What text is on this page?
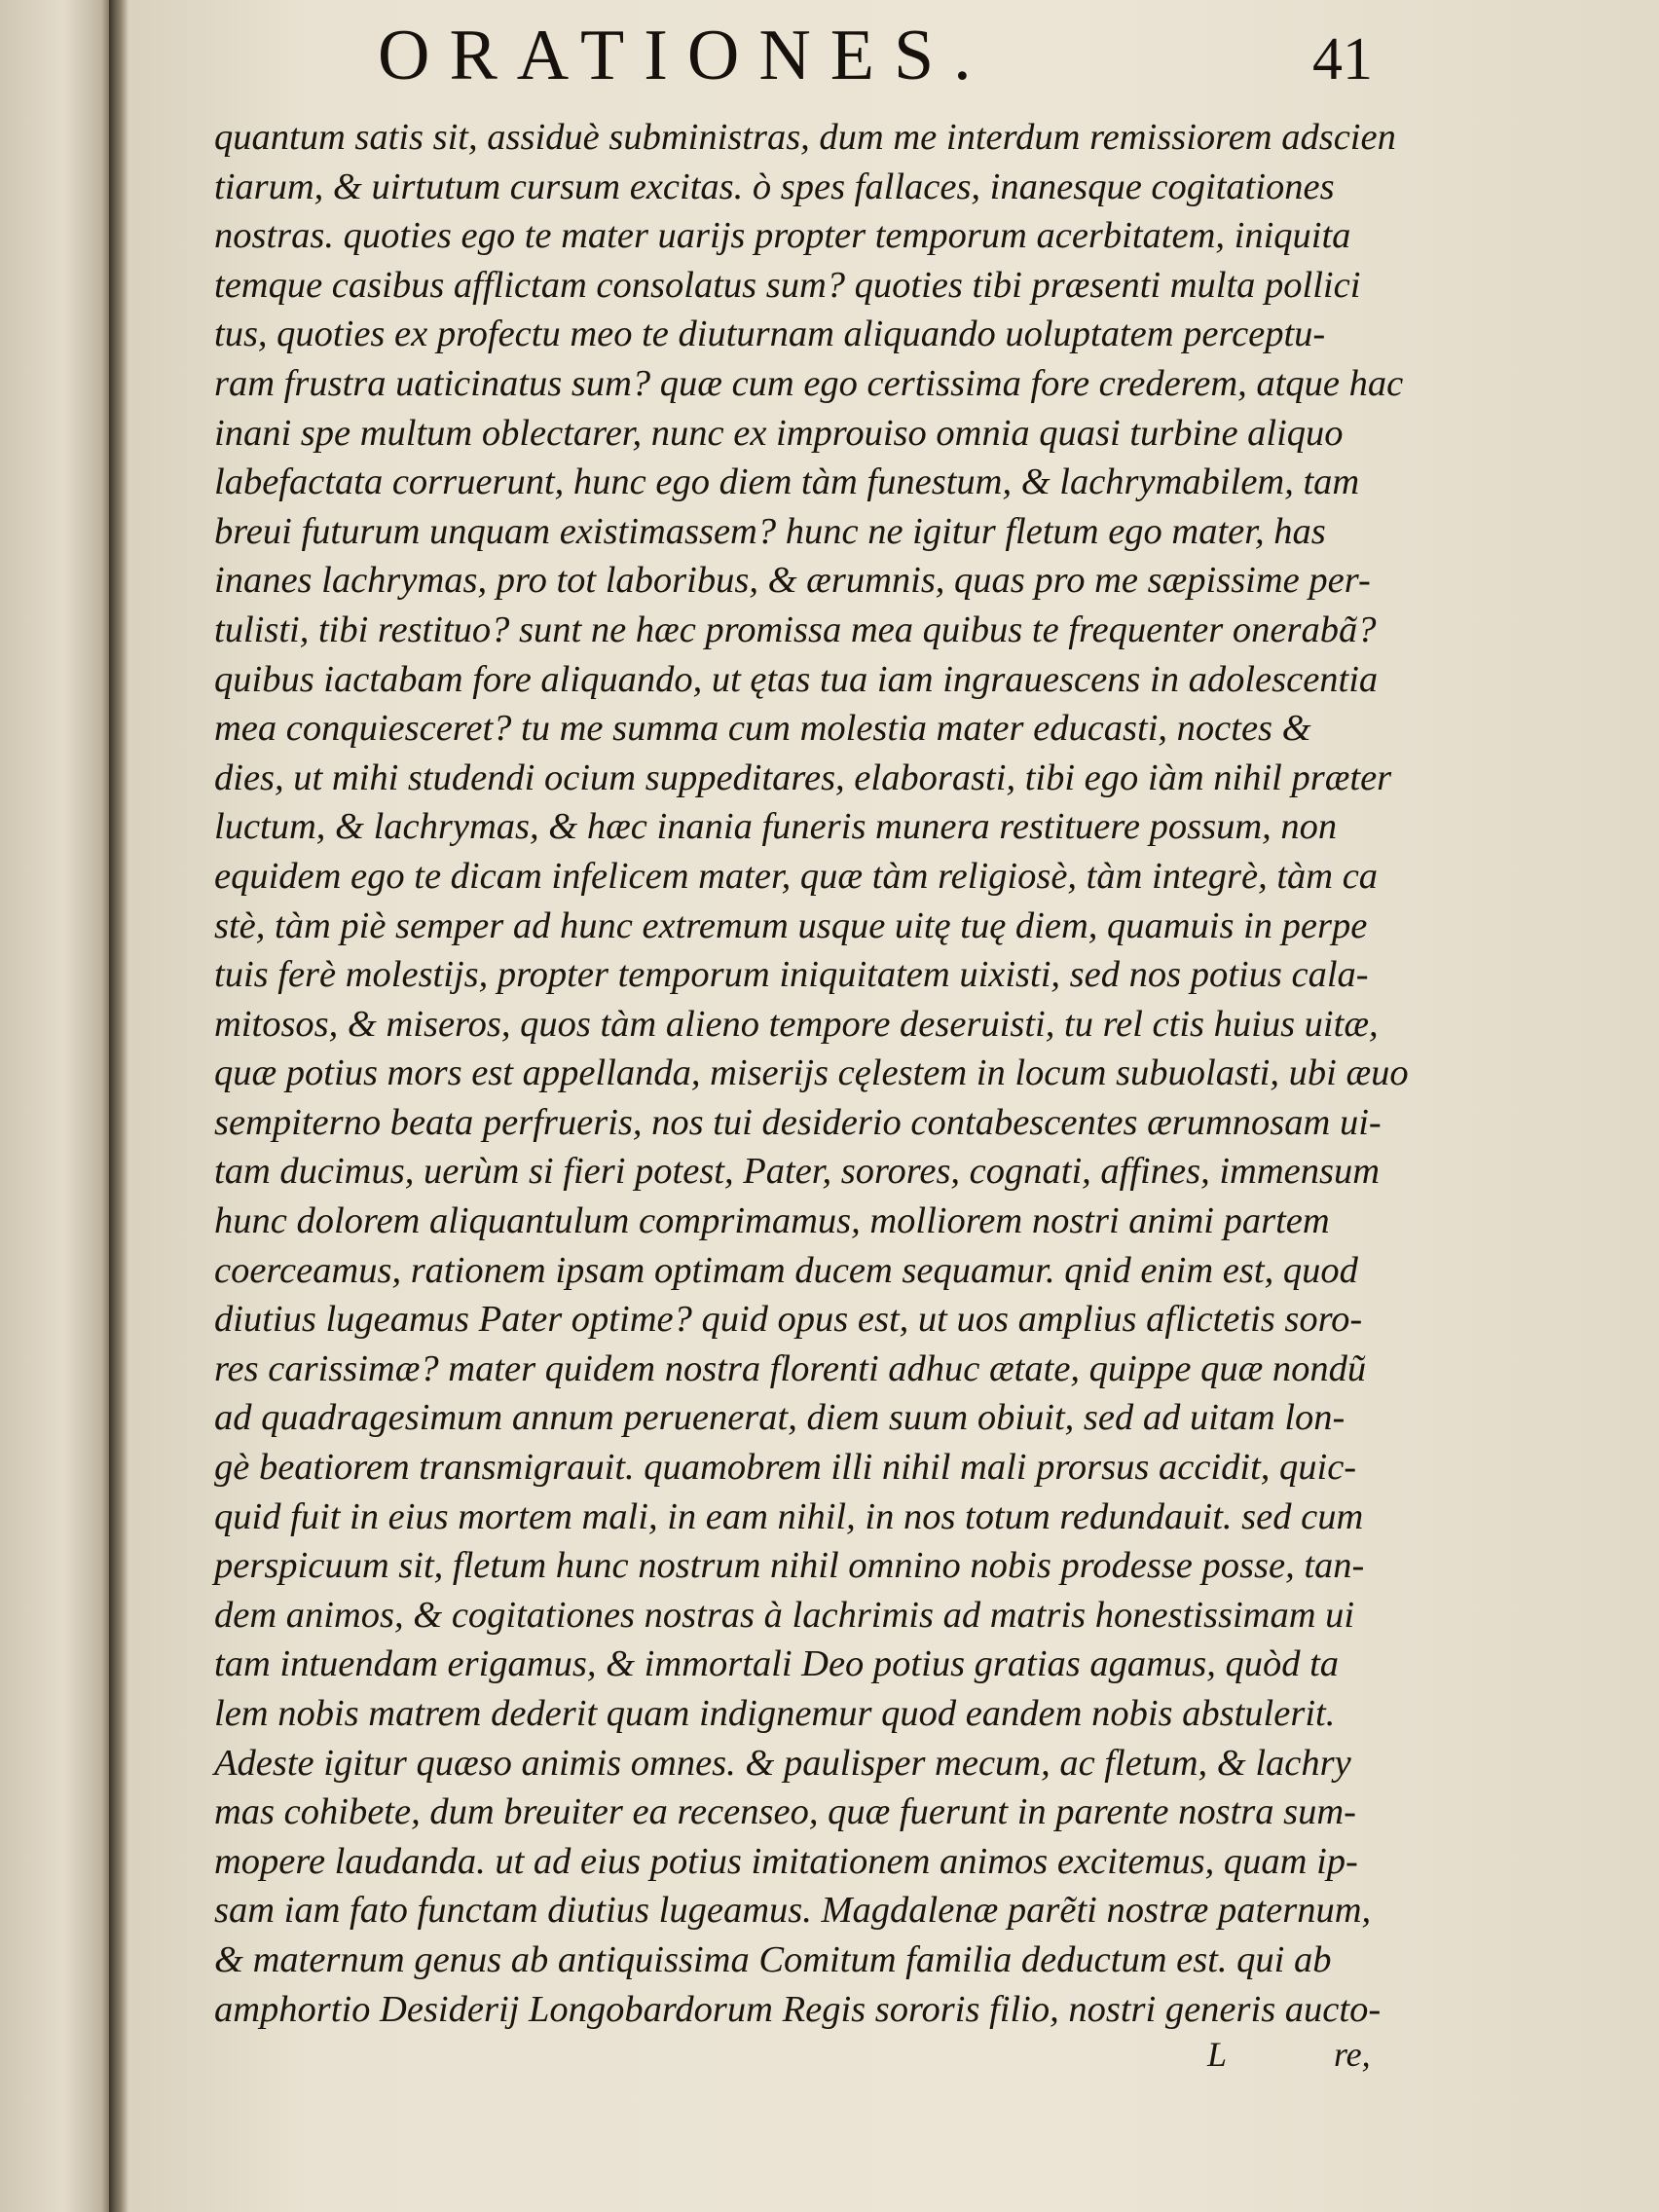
ORATIONES.	41
quantum satis sit, assiduè subministras, dum me interdum remissiorem adscien
tiarum, & uirtutum cursum excitas. ò spes fallaces, inanesque cogitationes
nostras. quoties ego te mater uarijs propter temporum acerbitatem, iniquita
temque casibus afflictam consolatus sum? quoties tibi præsenti multa pollici
tus, quoties ex profectu meo te diuturnam aliquando uoluptatem perceptu-
ram frustra uaticinatus sum? quæ cum ego certissima fore crederem, atque hac
inani spe multum oblectarer, nunc ex improuiso omnia quasi turbine aliquo
labefactata corruerunt, hunc ego diem tàm funestum, & lachrymabilem, tam
breui futurum unquam existimassem? hunc ne igitur fletum ego mater, has
inanes lachrymas, pro tot laboribus, & ærumnis, quas pro me sæpissime per-
tulisti, tibi restituo? sunt ne hæc promissa mea quibus te frequenter onerabã?
quibus iactabam fore aliquando, ut ętas tua iam ingrauescens in adolescentia
mea conquiesceret? tu me summa cum molestia mater educasti, noctes &
dies, ut mihi studendi ocium suppeditares, elaborasti, tibi ego iàm nihil præter
luctum, & lachrymas, & hæc inania funeris munera restituere possum, non
equidem ego te dicam infelicem mater, quæ tàm religiosè, tàm integrè, tàm ca
stè, tàm piè semper ad hunc extremum usque uitę tuę diem, quamuis in perpe
tuis ferè molestijs, propter temporum iniquitatem uixisti, sed nos potius cala-
mitosos, & miseros, quos tàm alieno tempore deseruisti, tu rel ctis huius uitæ,
quæ potius mors est appellanda, miserijs cęlestem in locum subuolasti, ubi æuo
sempiterno beata perfrueris, nos tui desiderio contabescentes ærumnosam ui-
tam ducimus, uerùm si fieri potest, Pater, sorores, cognati, affines, immensum
hunc dolorem aliquantulum comprimamus, molliorem nostri animi partem
coerceamus, rationem ipsam optimam ducem sequamur. qnid enim est, quod
diutius lugeamus Pater optime? quid opus est, ut uos amplius aflictetis soro-
res carissimæ? mater quidem nostra florenti adhuc ætate, quippe quæ nondũ
ad quadragesimum annum peruenerat, diem suum obiuit, sed ad uitam lon-
gè beatiorem transmigrauit. quamobrem illi nihil mali prorsus accidit, quic-
quid fuit in eius mortem mali, in eam nihil, in nos totum redundauit. sed cum
perspicuum sit, fletum hunc nostrum nihil omnino nobis prodesse posse, tan-
dem animos, & cogitationes nostras à lachrimis ad matris honestissimam ui
tam intuendam erigamus, & immortali Deo potius gratias agamus, quòd ta
lem nobis matrem dederit quam indignemur quod eandem nobis abstulerit.
Adeste igitur quæso animis omnes. & paulisper mecum, ac fletum, & lachry
mas cohibete, dum breuiter ea recenseo, quæ fuerunt in parente nostra sum-
mopere laudanda. ut ad eius potius imitationem animos excitemus, quam ip-
sam iam fato functam diutius lugeamus. Magdalenæ parẽti nostræ paternum,
& maternum genus ab antiquissima Comitum familia deductum est. qui ab
amphortio Desiderij Longobardorum Regis sororis filio, nostri generis aucto-
L	re,
